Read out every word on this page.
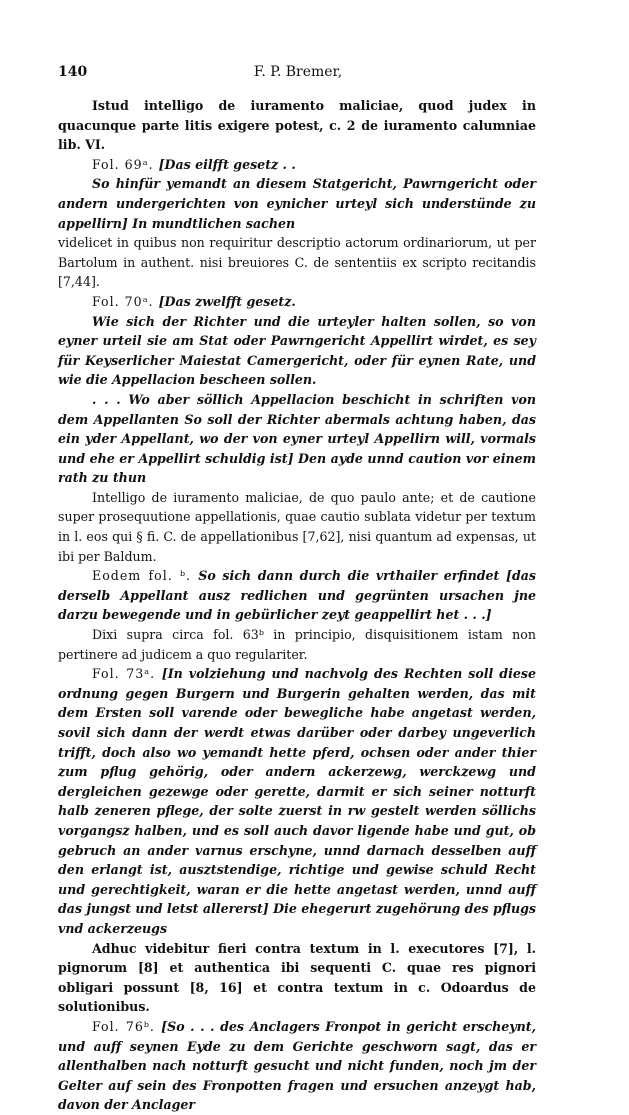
140	F. P. Bremer,

Istud intelligo de iuramento maliciae, quod judex in quacunque parte litis exigere potest, c. 2 de iuramento calumniae lib. VI.

Fol. 69ᵃ. [Das eilfft gesetz . .

So hinfür yemandt an diesem Statgericht, Pawrngericht oder andern undergerichten von eynicher urteyl sich understünde zu appellirn] In mundtlichen sachen

videlicet in quibus non requiritur descriptio actorum ordinariorum, ut per Bartolum in authent. nisi breuiores C. de sententiis ex scripto recitandis [7,44].

Fol. 70ᵃ. [Das zwelfft gesetz.

Wie sich der Richter und die urteyler halten sollen, so von eyner urteil sie am Stat oder Pawrngericht Appellirt wirdet, es sey für Keyserlicher Maiestat Camergericht, oder für eynen Rate, und wie die Appellacion bescheen sollen.

. . . Wo aber söllich Appellacion beschicht in schriften von dem Appellanten So soll der Richter abermals achtung haben, das ein yder Appellant, wo der von eyner urteyl Appellirn will, vormals und ehe er Appellirt schuldig ist] Den ayde unnd caution vor einem rath zu thun

Intelligo de iuramento maliciae, de quo paulo ante; et de cautione super prosequutione appellationis, quae cautio sublata videtur per textum in l. eos qui § fi. C. de appellationibus [7,62], nisi quantum ad expensas, ut ibi per Baldum.

Eodem fol. ᵇ. So sich dann durch die vrthailer erfindet [das derselb Appellant ausz redlichen und gegrünten ursachen jne darzu bewegende und in gebürlicher zeyt geappellirt het . . .]

Dixi supra circa fol. 63ᵇ in principio, disquisitionem istam non pertinere ad judicem a quo regulariter.

Fol. 73ᵃ. [In volziehung und nachvolg des Rechten soll diese ordnung gegen Burgern und Burgerin gehalten werden, das mit dem Ersten soll varende oder bewegliche habe angetast werden, sovil sich dann der werdt etwas darüber oder darbey ungeverlich trifft, doch also wo yemandt hette pferd, ochsen oder ander thier zum pflug gehörig, oder andern ackerzewg, werckzewg und dergleichen gezewge oder gerette, darmit er sich seiner notturft halb zeneren pflege, der solte zuerst in rw gestelt werden söllichs vorgangsz halben, und es soll auch davor ligende habe und gut, ob gebruch an ander varnus erschyne, unnd darnach desselben auff den erlangt ist, ausztstendige, richtige und gewise schuld Recht und gerechtigkeit, waran er die hette angetast werden, unnd auff das jungst und letst allererst] Die ehegerurt zugehörung des pflugs vnd ackerzeugs

Adhuc videbitur fieri contra textum in l. executores [7], l. pignorum [8] et authentica ibi sequenti C. quae res pignori obligari possunt [8, 16] et contra textum in c. Odoardus de solutionibus.

Fol. 76ᵇ. [So . . . des Anclagers Fronpot in gericht erscheynt, und auff seynen Eyde zu dem Gerichte geschworn sagt, das er allenthalben nach notturft gesucht und nicht funden, noch jm der Gelter auf sein des Fronpotten fragen und ersuchen anzeygt hab, davon der Anclager
